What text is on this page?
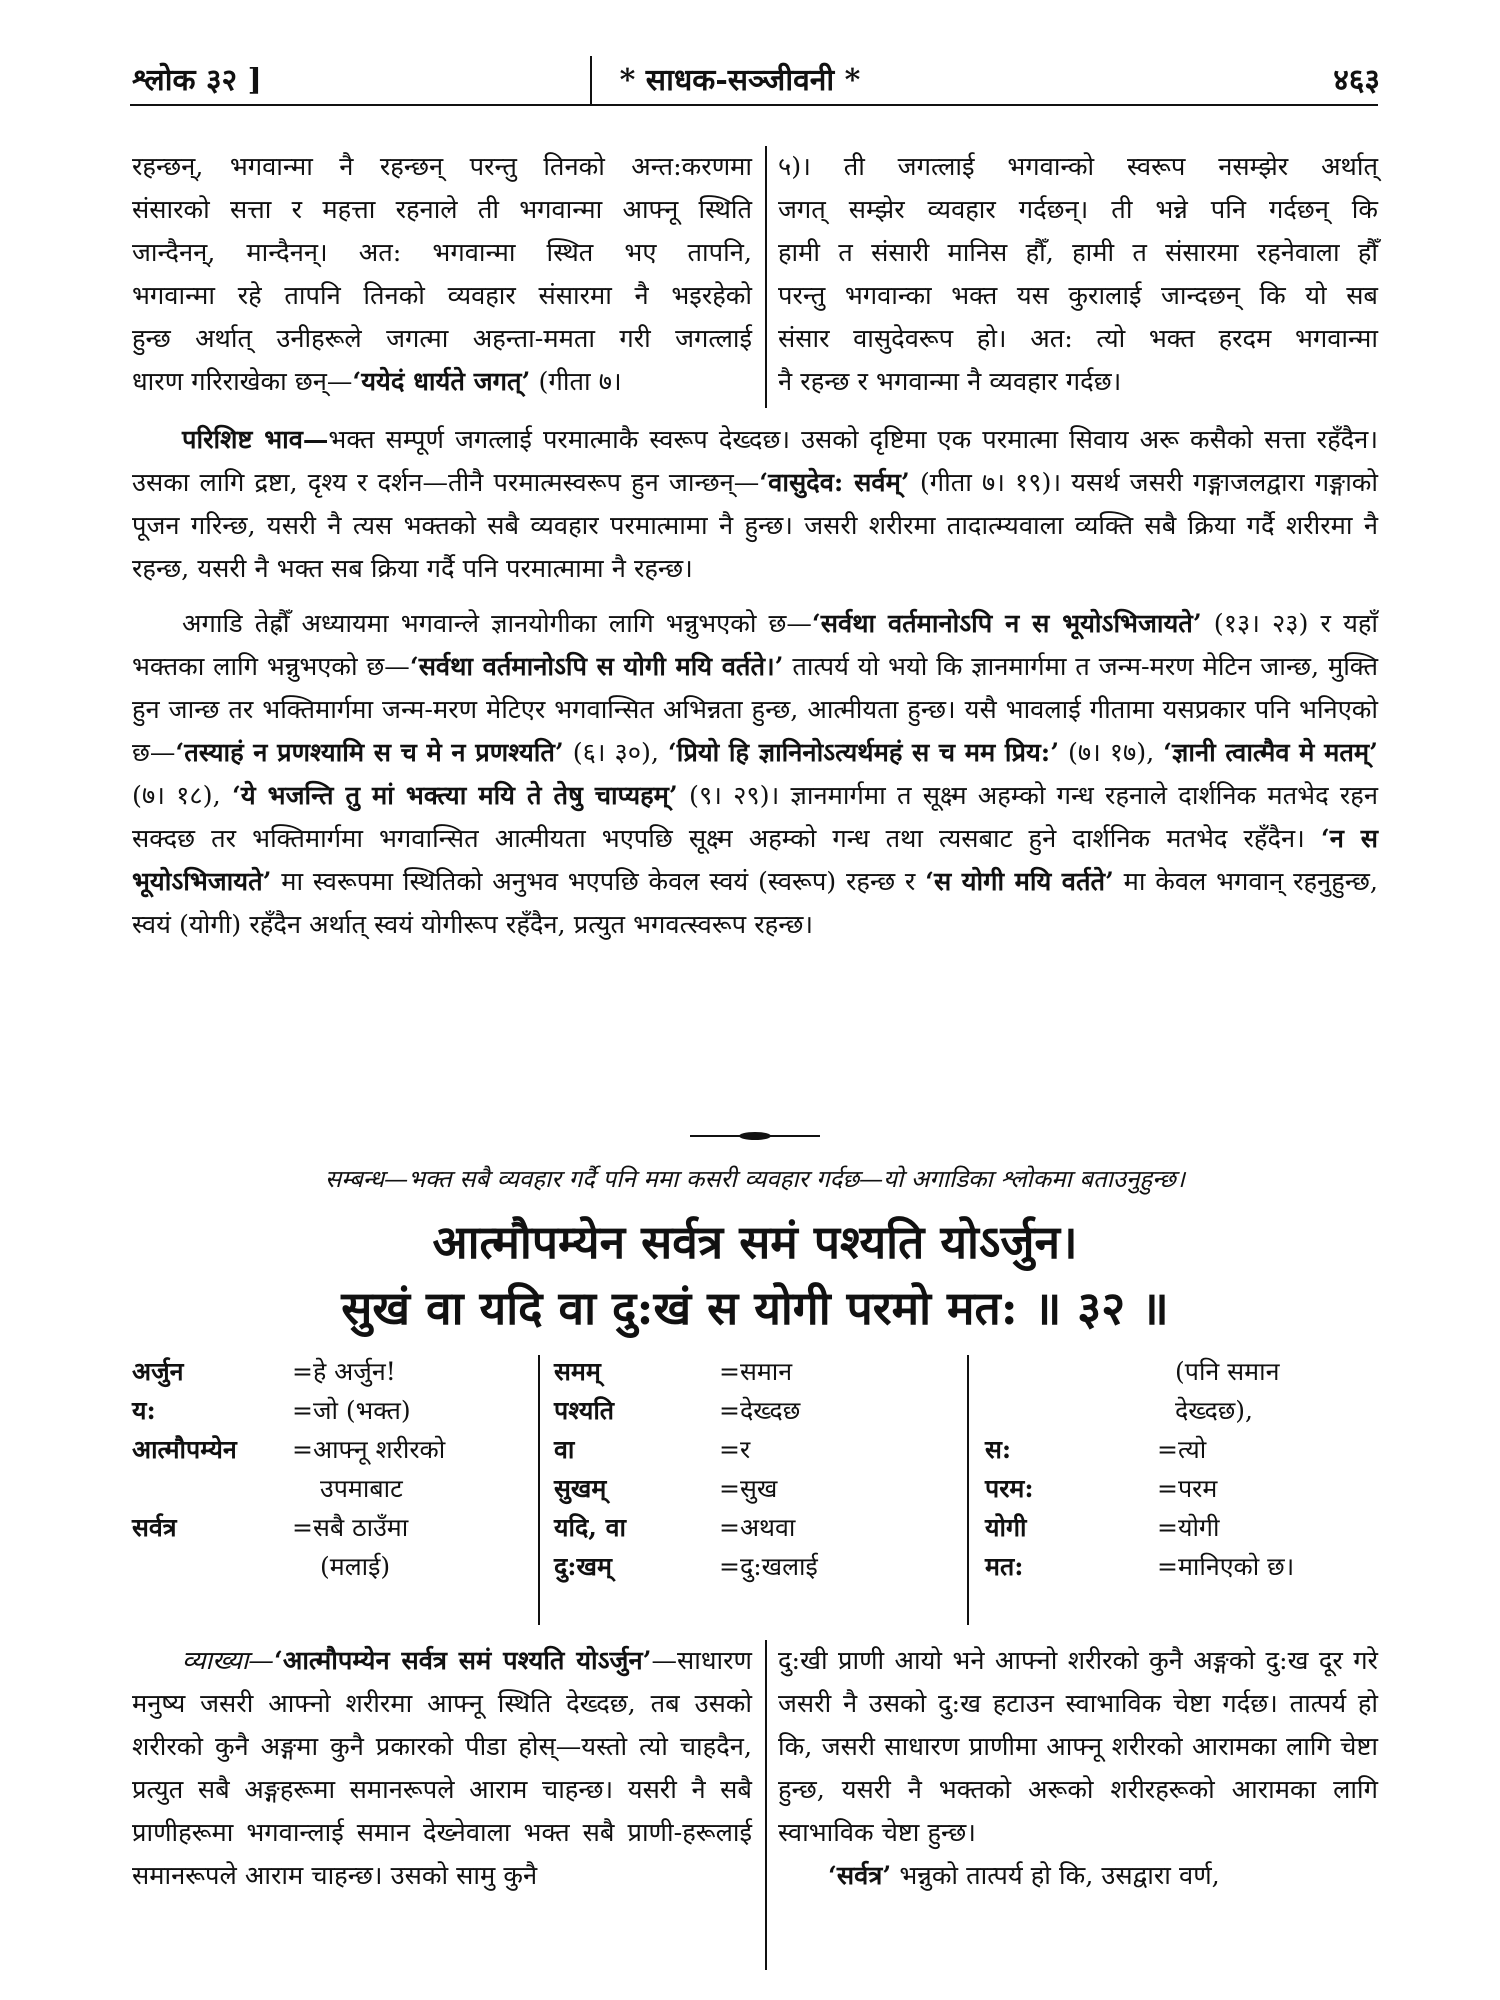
श्लोक ३२ ]	* साधक-सञ्जीवनी *	४६३

रहन्छन्, भगवान्मा नै रहन्छन् परन्तु तिनको अन्त:करणमा

संसारको सत्ता र महत्ता रहनाले ती भगवान्मा आफ्नू स्थिति

जान्दैनन्, मान्दैनन्। अत: भगवान्मा स्थित भए तापनि,

भगवान्मा रहे तापनि तिनको व्यवहार संसारमा नै भइरहेको

हुन्छ अर्थात् उनीहरूले जगत्मा अहन्ता-ममता गरी जगत्लाई

धारण गरिराखेका छन्—‘ययेदं धार्यते जगत्’ (गीता ७।

५)। ती जगत्लाई भगवान्को स्वरूप नसम्झेर अर्थात्

जगत् सम्झेर व्यवहार गर्दछन्। ती भन्ने पनि गर्दछन् कि

हामी त संसारी मानिस हौँ, हामी त संसारमा रहनेवाला हौँ

परन्तु भगवान्का भक्त यस कुरालाई जान्दछन् कि यो सब

संसार वासुदेवरूप हो। अत: त्यो भक्त हरदम भगवान्मा

नै रहन्छ र भगवान्मा नै व्यवहार गर्दछ।

परिशिष्ट भाव—भक्त सम्पूर्ण जगत्लाई परमात्माकै स्वरूप देख्दछ। उसको दृष्टिमा एक परमात्मा सिवाय अरू कसैको सत्ता रहँदैन। उसका लागि द्रष्टा, दृश्य र दर्शन—तीनै परमात्मस्वरूप हुन जान्छन्—‘वासुदेव: सर्वम्’ (गीता ७। १९)। यसर्थ जसरी गङ्गाजलद्वारा गङ्गाको पूजन गरिन्छ, यसरी नै त्यस भक्तको सबै व्यवहार परमात्मामा नै हुन्छ। जसरी शरीरमा तादात्म्यवाला व्यक्ति सबै क्रिया गर्दै शरीरमा नै रहन्छ, यसरी नै भक्त सब क्रिया गर्दै पनि परमात्मामा नै रहन्छ।

अगाडि तेह्रौँ अध्यायमा भगवान्ले ज्ञानयोगीका लागि भन्नुभएको छ—‘सर्वथा वर्तमानोऽपि न स भूयोऽभिजायते’ (१३। २३) र यहाँ भक्तका लागि भन्नुभएको छ—‘सर्वथा वर्तमानोऽपि स योगी मयि वर्तते।’ तात्पर्य यो भयो कि ज्ञानमार्गमा त जन्म-मरण मेटिन जान्छ, मुक्ति हुन जान्छ तर भक्तिमार्गमा जन्म-मरण मेटिएर भगवान्सित अभिन्नता हुन्छ, आत्मीयता हुन्छ। यसै भावलाई गीतामा यसप्रकार पनि भनिएको छ—‘तस्याहं न प्रणश्यामि स च मे न प्रणश्यति’ (६। ३०), ‘प्रियो हि ज्ञानिनोऽत्यर्थमहं स च मम प्रिय:’ (७। १७), ‘ज्ञानी त्वात्मैव मे मतम्’ (७। १८), ‘ये भजन्ति तु मां भक्त्या मयि ते तेषु चाप्यहम्’ (९। २९)। ज्ञानमार्गमा त सूक्ष्म अहम्को गन्ध रहनाले दार्शनिक मतभेद रहन सक्दछ तर भक्तिमार्गमा भगवान्सित आत्मीयता भएपछि सूक्ष्म अहम्को गन्ध तथा त्यसबाट हुने दार्शनिक मतभेद रहँदैन। ‘न स भूयोऽभिजायते’ मा स्वरूपमा स्थितिको अनुभव भएपछि केवल स्वयं (स्वरूप) रहन्छ र ‘स योगी मयि वर्तते’ मा केवल भगवान् रहनुहुन्छ, स्वयं (योगी) रहँदैन अर्थात् स्वयं योगीरूप रहँदैन, प्रत्युत भगवत्स्वरूप रहन्छ।

सम्बन्ध—भक्त सबै व्यवहार गर्दै पनि ममा कसरी व्यवहार गर्दछ—यो अगाडिका श्लोकमा बताउनुहुन्छ।
आत्मौपम्येन सर्वत्र समं पश्यति योऽर्जुन।
सुखं वा यदि वा दु:खं स योगी परमो मत: ॥ ३२ ॥
अर्जुन	=हे अर्जुन!
य:	=जो (भक्त)
आत्मौपम्येन =आफ्नू शरीरको
उपमाबाट
सर्वत्र	=सबै ठाउँमा
(मलाई)
समम्	=समान
पश्यति	=देख्दछ
वा	=र
सुखम्	=सुख
यदि, वा	=अथवा
दु:खम्	=दु:खलाई
(पनि समान
देख्दछ),
स:	=त्यो
परम:	=परम
योगी	=योगी
मत:	=मानिएको छ।

व्याख्या—‘आत्मौपम्येन सर्वत्र समं पश्यति योऽर्जुन’—साधारण मनुष्य जसरी आफ्नो शरीरमा आफ्नू स्थिति देख्दछ, तब उसको शरीरको कुनै अङ्गमा कुनै प्रकारको पीडा होस्—यस्तो त्यो चाहदैन, प्रत्युत सबै अङ्गहरूमा समानरूपले आराम चाहन्छ। यसरी नै सबै प्राणीहरूमा भगवान्लाई समान देख्नेवाला भक्त सबै प्राणी-हरूलाई समानरूपले आराम चाहन्छ। उसको सामु कुनै

दु:खी प्राणी आयो भने आफ्नो शरीरको कुनै अङ्गको दु:ख दूर गरे जसरी नै उसको दु:ख हटाउन स्वाभाविक चेष्टा गर्दछ। तात्पर्य हो कि, जसरी साधारण प्राणीमा आफ्नू शरीरको आरामका लागि चेष्टा हुन्छ, यसरी नै भक्तको अरूको शरीरहरूको आरामका लागि स्वाभाविक चेष्टा हुन्छ।

‘सर्वत्र’ भन्नुको तात्पर्य हो कि, उसद्वारा वर्ण,
